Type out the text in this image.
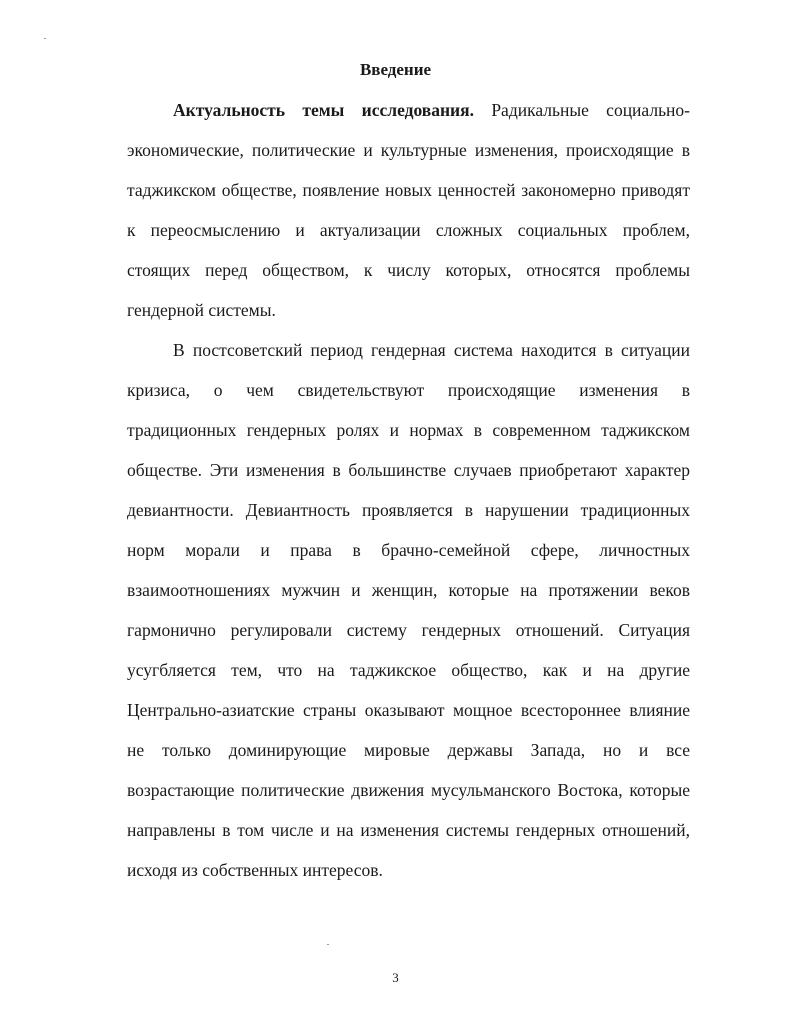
Введение
Актуальность темы исследования. Радикальные социально-
экономические, политические и культурные изменения, происходящие в
таджикском обществе, появление новых ценностей закономерно приводят
к переосмыслению и актуализации сложных социальных проблем,
стоящих перед обществом, к числу которых, относятся проблемы
гендерной системы.
В постсоветский период гендерная система находится в ситуации
кризиса, о чем свидетельствуют происходящие изменения в
традиционных гендерных ролях и нормах в современном таджикском
обществе. Эти изменения в большинстве случаев приобретают характер
девиантности. Девиантность проявляется в нарушении традиционных
норм морали и права в брачно-семейной сфере, личностных
взаимоотношениях мужчин и женщин, которые на протяжении веков
гармонично регулировали систему гендерных отношений. Ситуация
усугбляется тем, что на таджикское общество, как и на другие
Центрально-азиатские страны оказывают мощное всестороннее влияние
не только доминирующие мировые державы Запада, но и все
возрастающие политические движения мусульманского Востока, которые
направлены в том числе и на изменения системы гендерных отношений,
исходя из собственных интересов.
3
